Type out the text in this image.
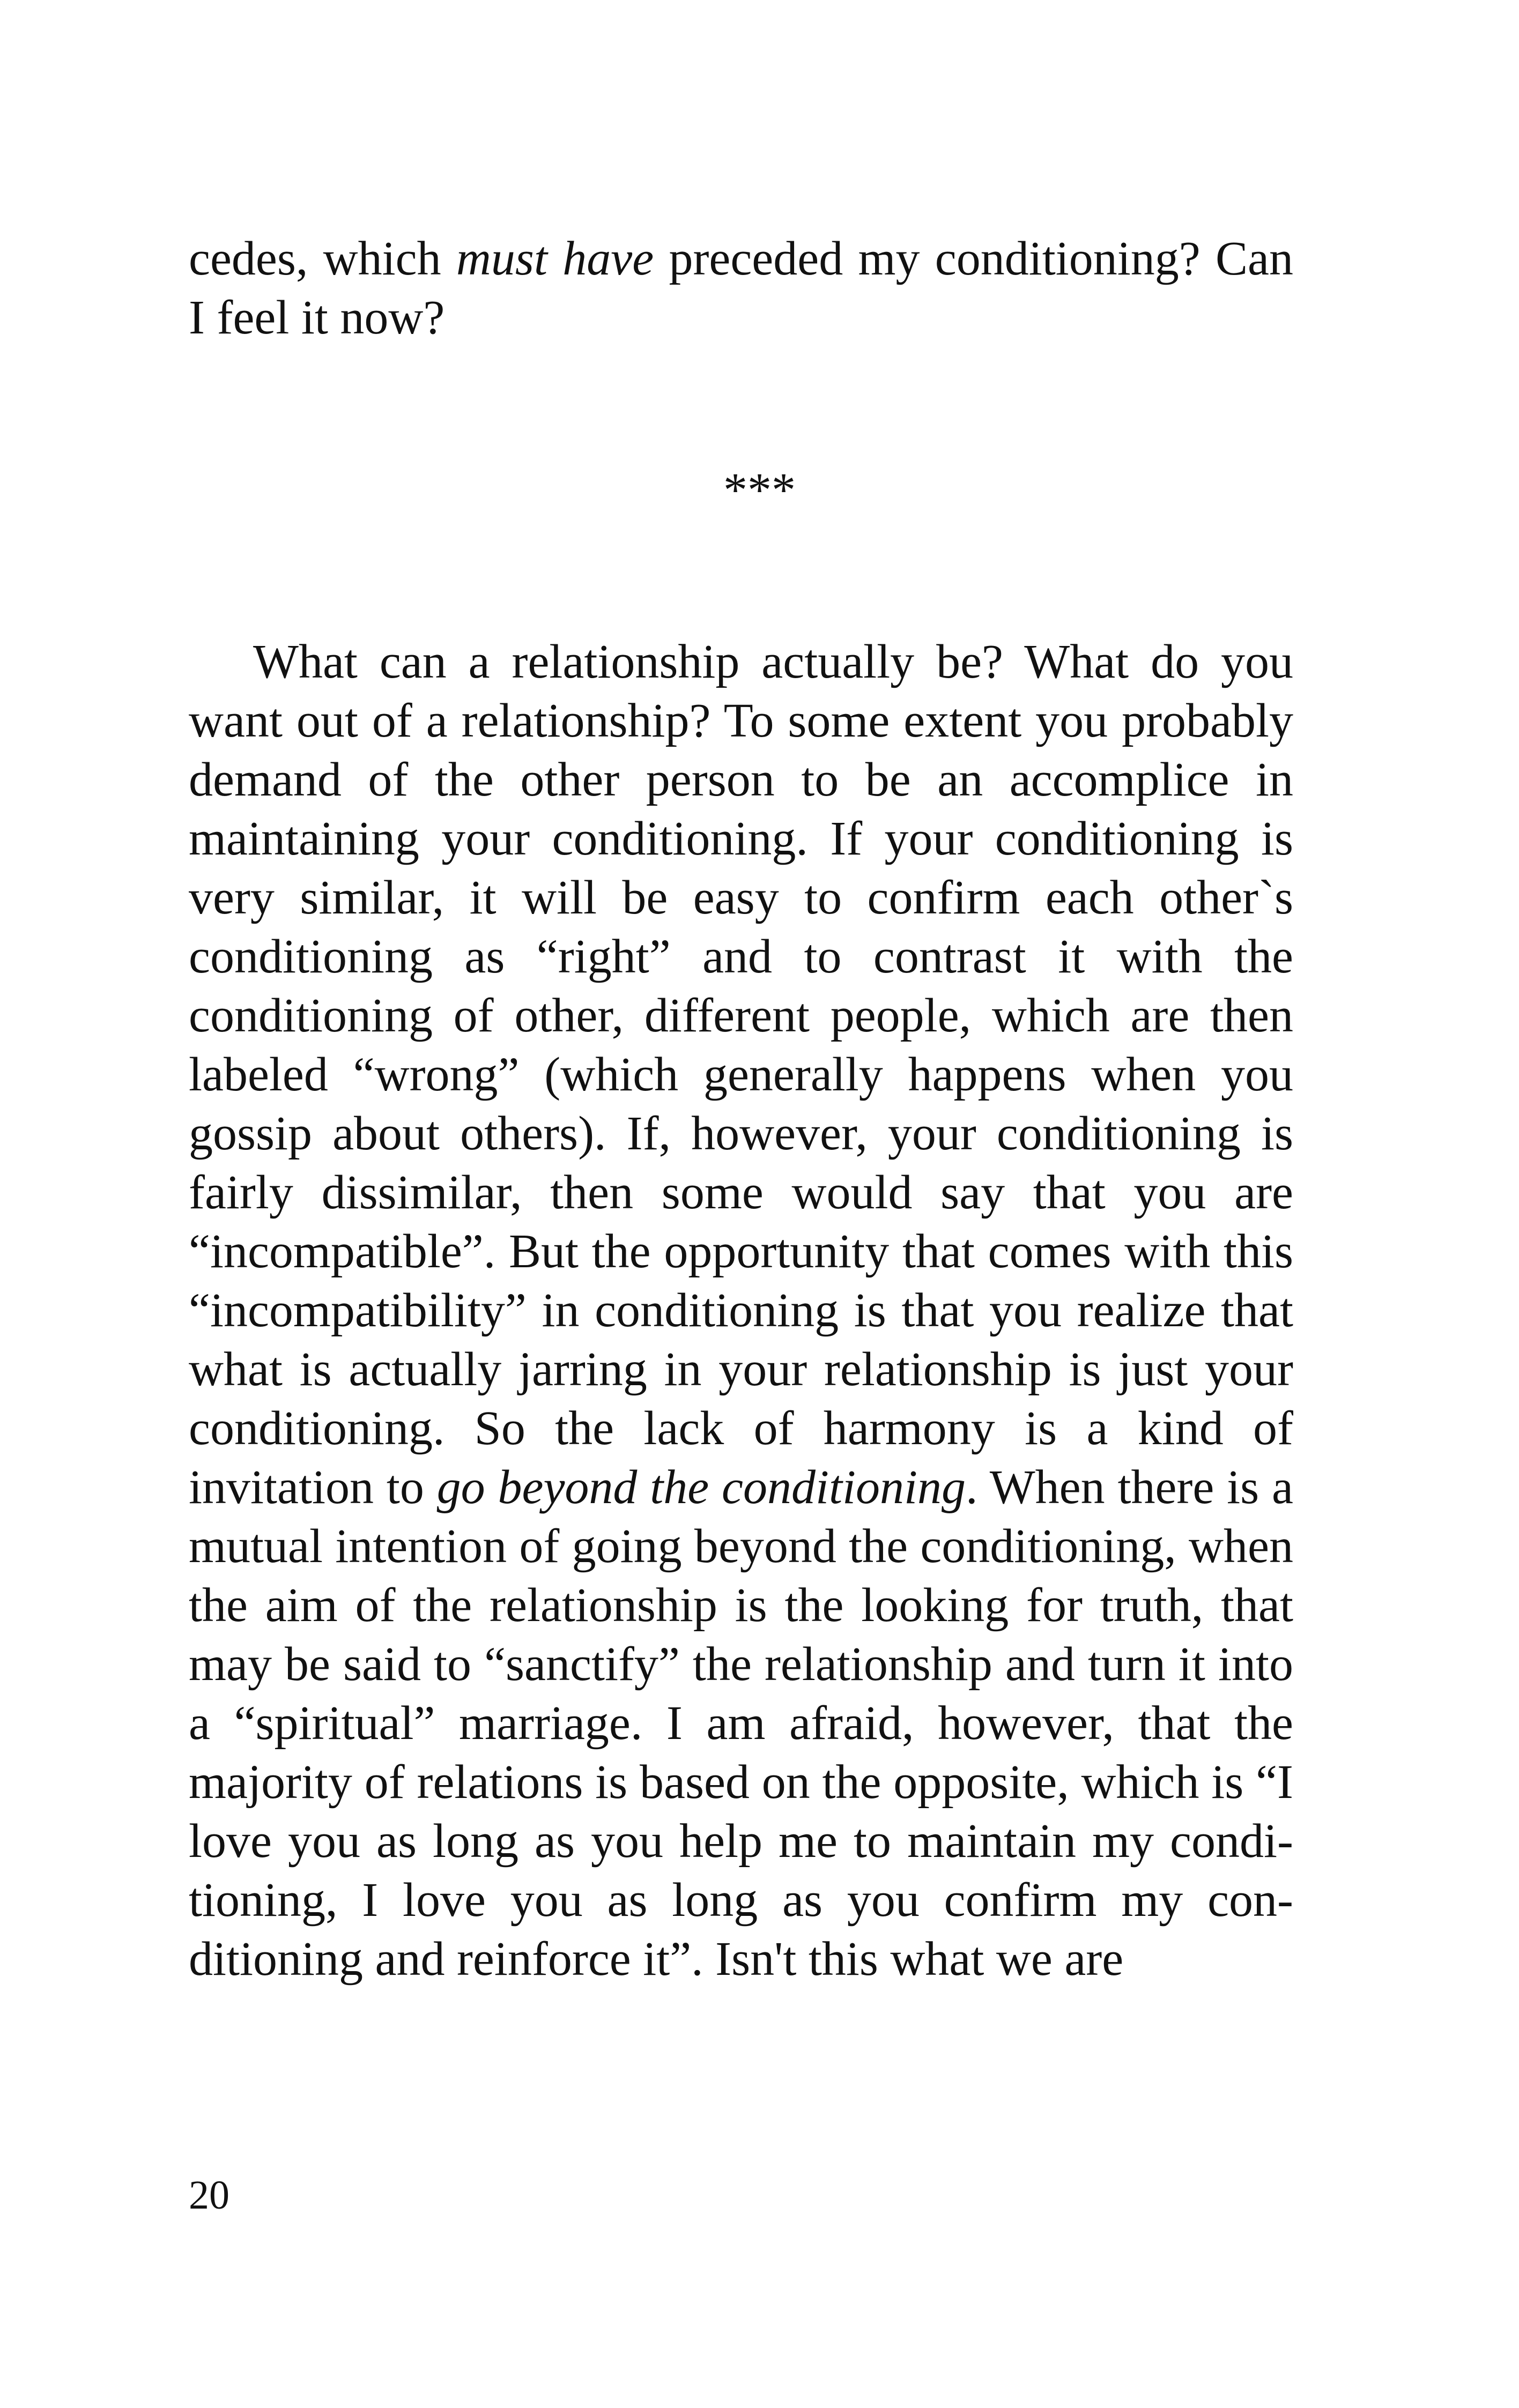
cedes, which must have preceded my conditioning? Can I feel it now?

***

What can a relationship actually be? What do you want out of a relationship? To some extent you probably demand of the other person to be an accomplice in maintaining your conditioning. If your conditioning is very similar, it will be easy to confirm each other`s conditioning as “right” and to contrast it with the conditioning of other, different people, which are then labeled “wrong” (which generally happens when you gossip about others). If, however, your conditioning is fairly dissimilar, then some would say that you are “incompatible”. But the opportunity that comes with this “incompatibility” in conditioning is that you realize that what is actually jarring in your relationship is just your conditioning. So the lack of harmony is a kind of invitation to go beyond the conditioning. When there is a mutual intention of going beyond the conditioning, when the aim of the relationship is the looking for truth, that may be said to “sanctify” the relationship and turn it into a “spiritual” marriage. I am afraid, however, that the majority of relations is based on the opposite, which is “I love you as long as you help me to maintain my conditioning, I love you as long as you confirm my conditioning and reinforce it”. Isn't this what we are

20
